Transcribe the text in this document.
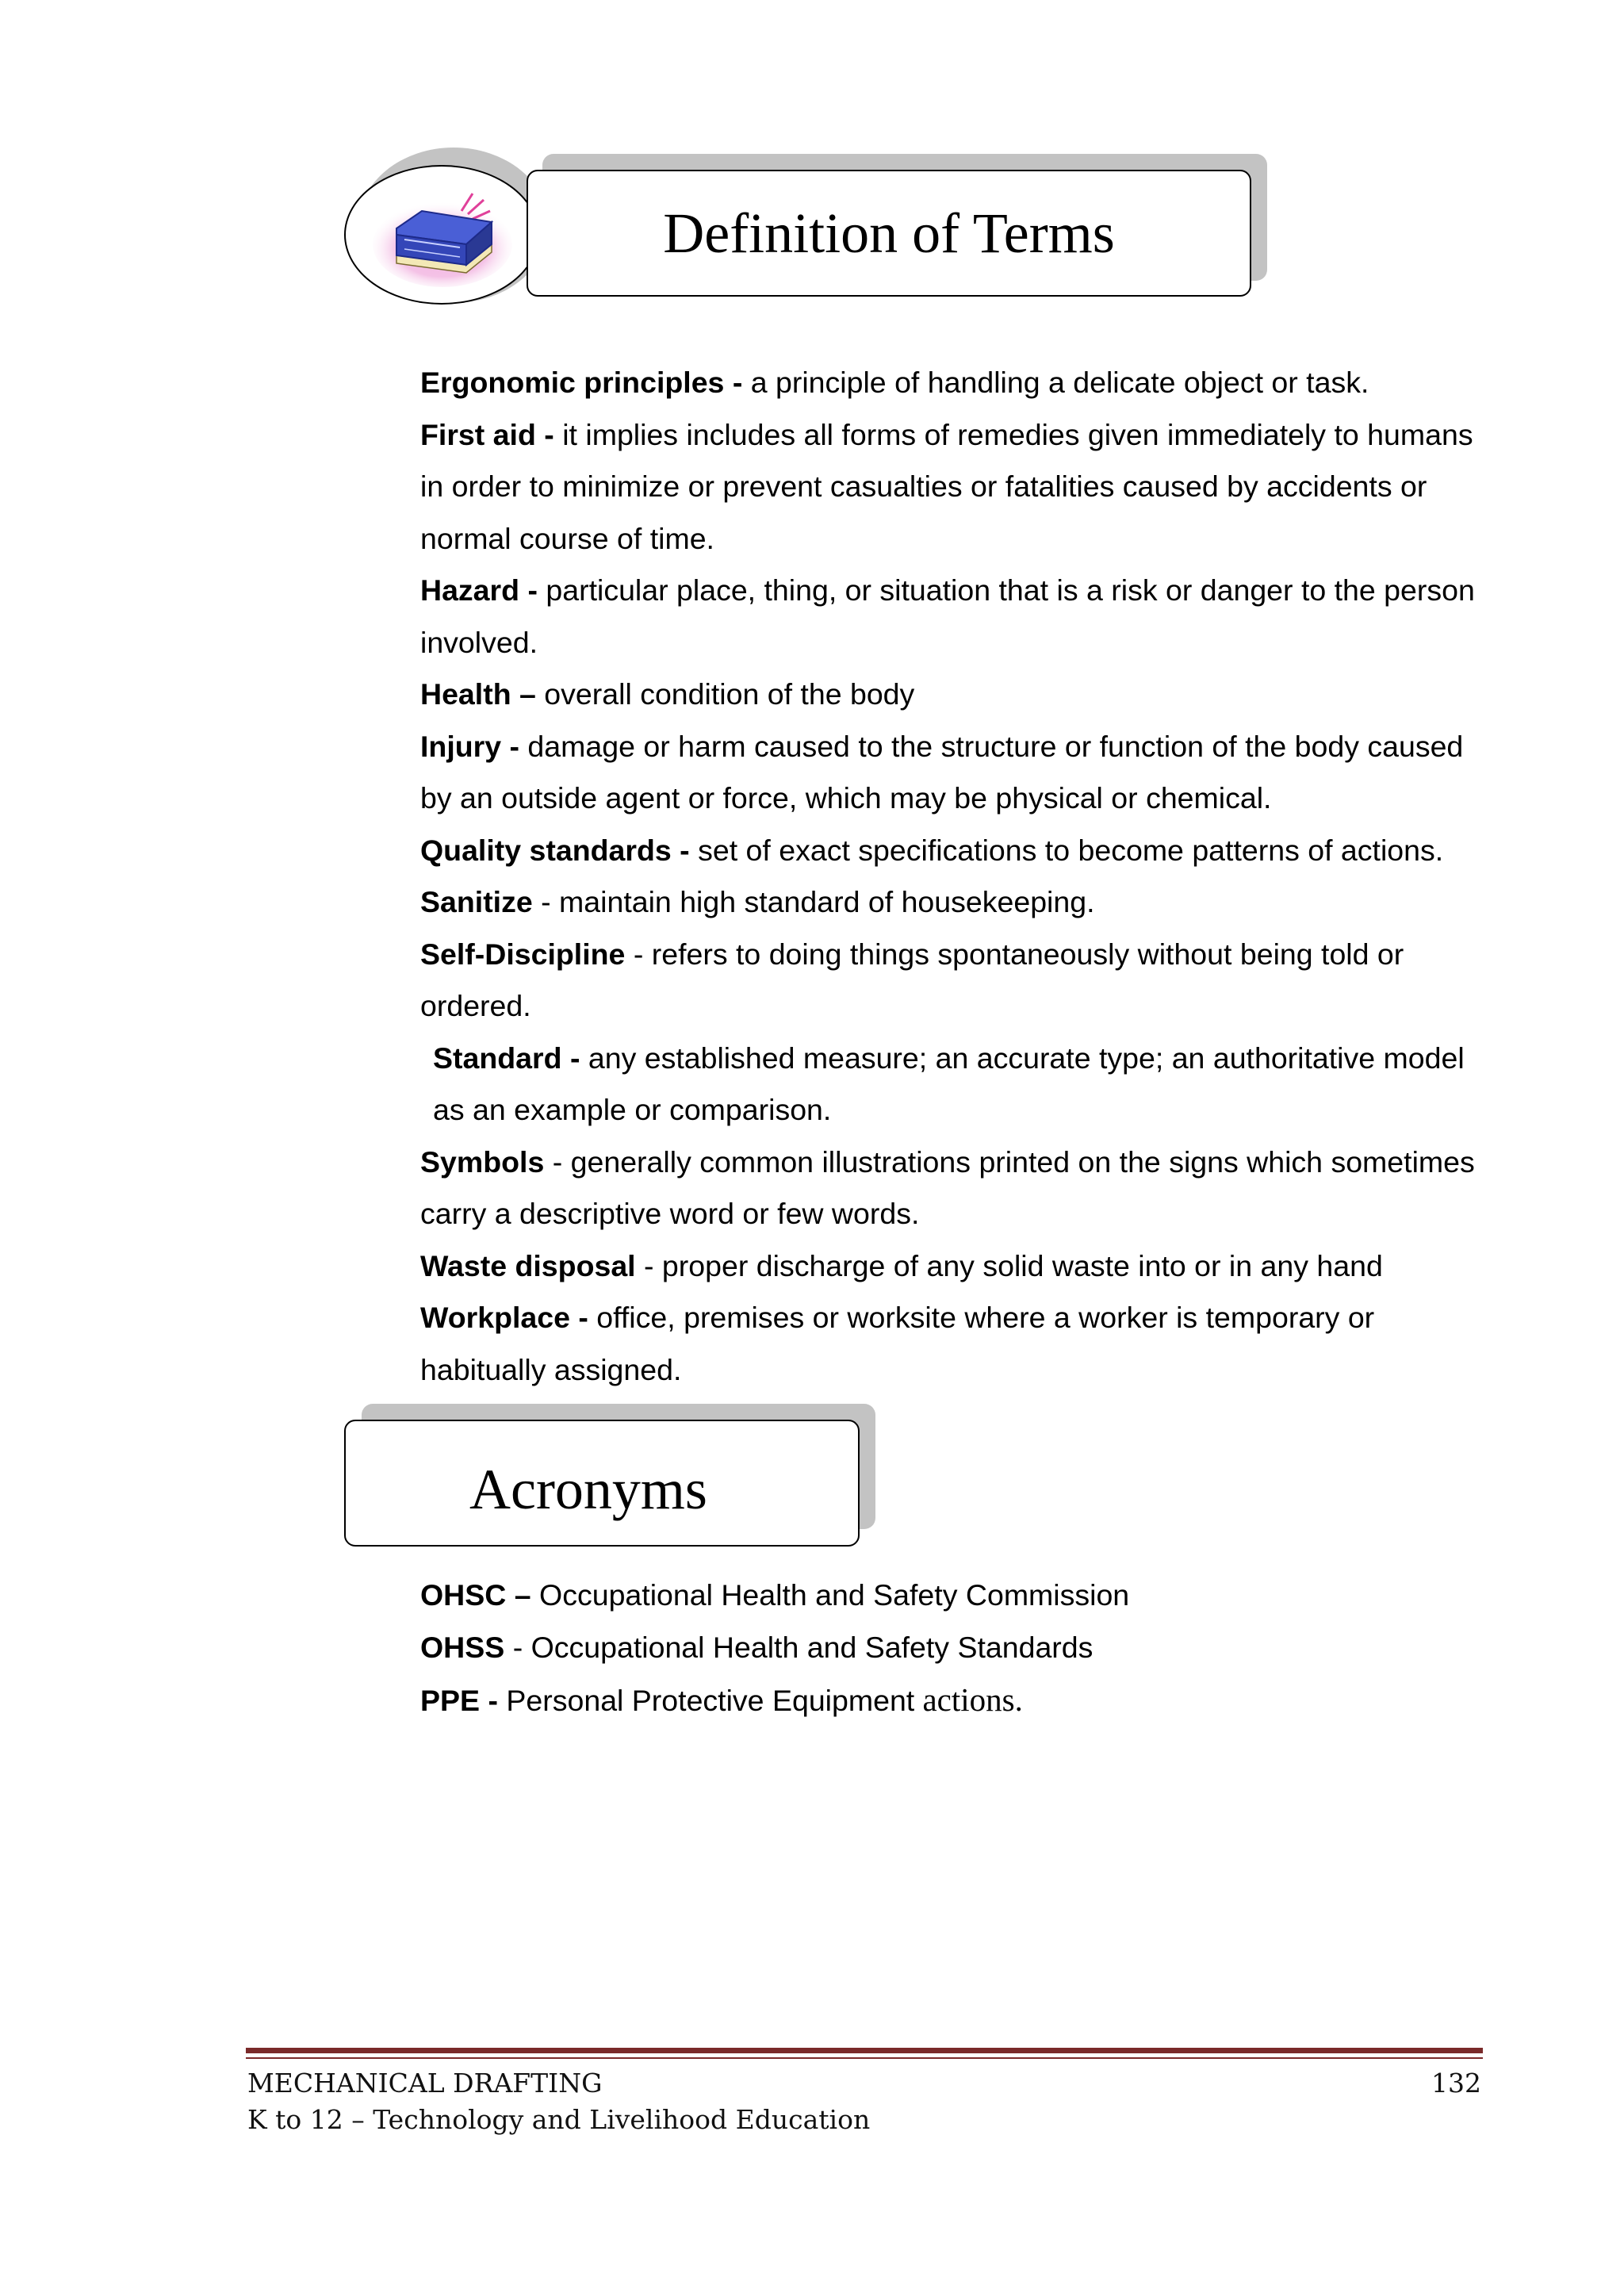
Definition of Terms

Ergonomic principles - a principle of handling a delicate object or task.

First aid - it implies includes all forms of remedies given immediately to humans in order to minimize or prevent casualties or fatalities caused by accidents or normal course of time.

Hazard - particular place, thing, or situation that is a risk or danger to the person involved.

Health – overall condition of the body

Injury - damage or harm caused to the structure or function of the body caused by an outside agent or force, which may be physical or chemical.

Quality standards - set of exact specifications to become patterns of actions.

Sanitize - maintain high standard of housekeeping.

Self-Discipline - refers to doing things spontaneously without being told or ordered.

Standard - any established measure; an accurate type; an authoritative model as an example or comparison.

Symbols - generally common illustrations printed on the signs which sometimes carry a descriptive word or few words.

Waste disposal - proper discharge of any solid waste into or in any hand

Workplace - office, premises or worksite where a worker is temporary or habitually assigned.

Acronyms
OHSC – Occupational Health and Safety Commission
OHSS - Occupational Health and Safety Standards
PPE - Personal Protective Equipment actions.
MECHANICAL DRAFTING
K to 12 – Technology and Livelihood Education
132
